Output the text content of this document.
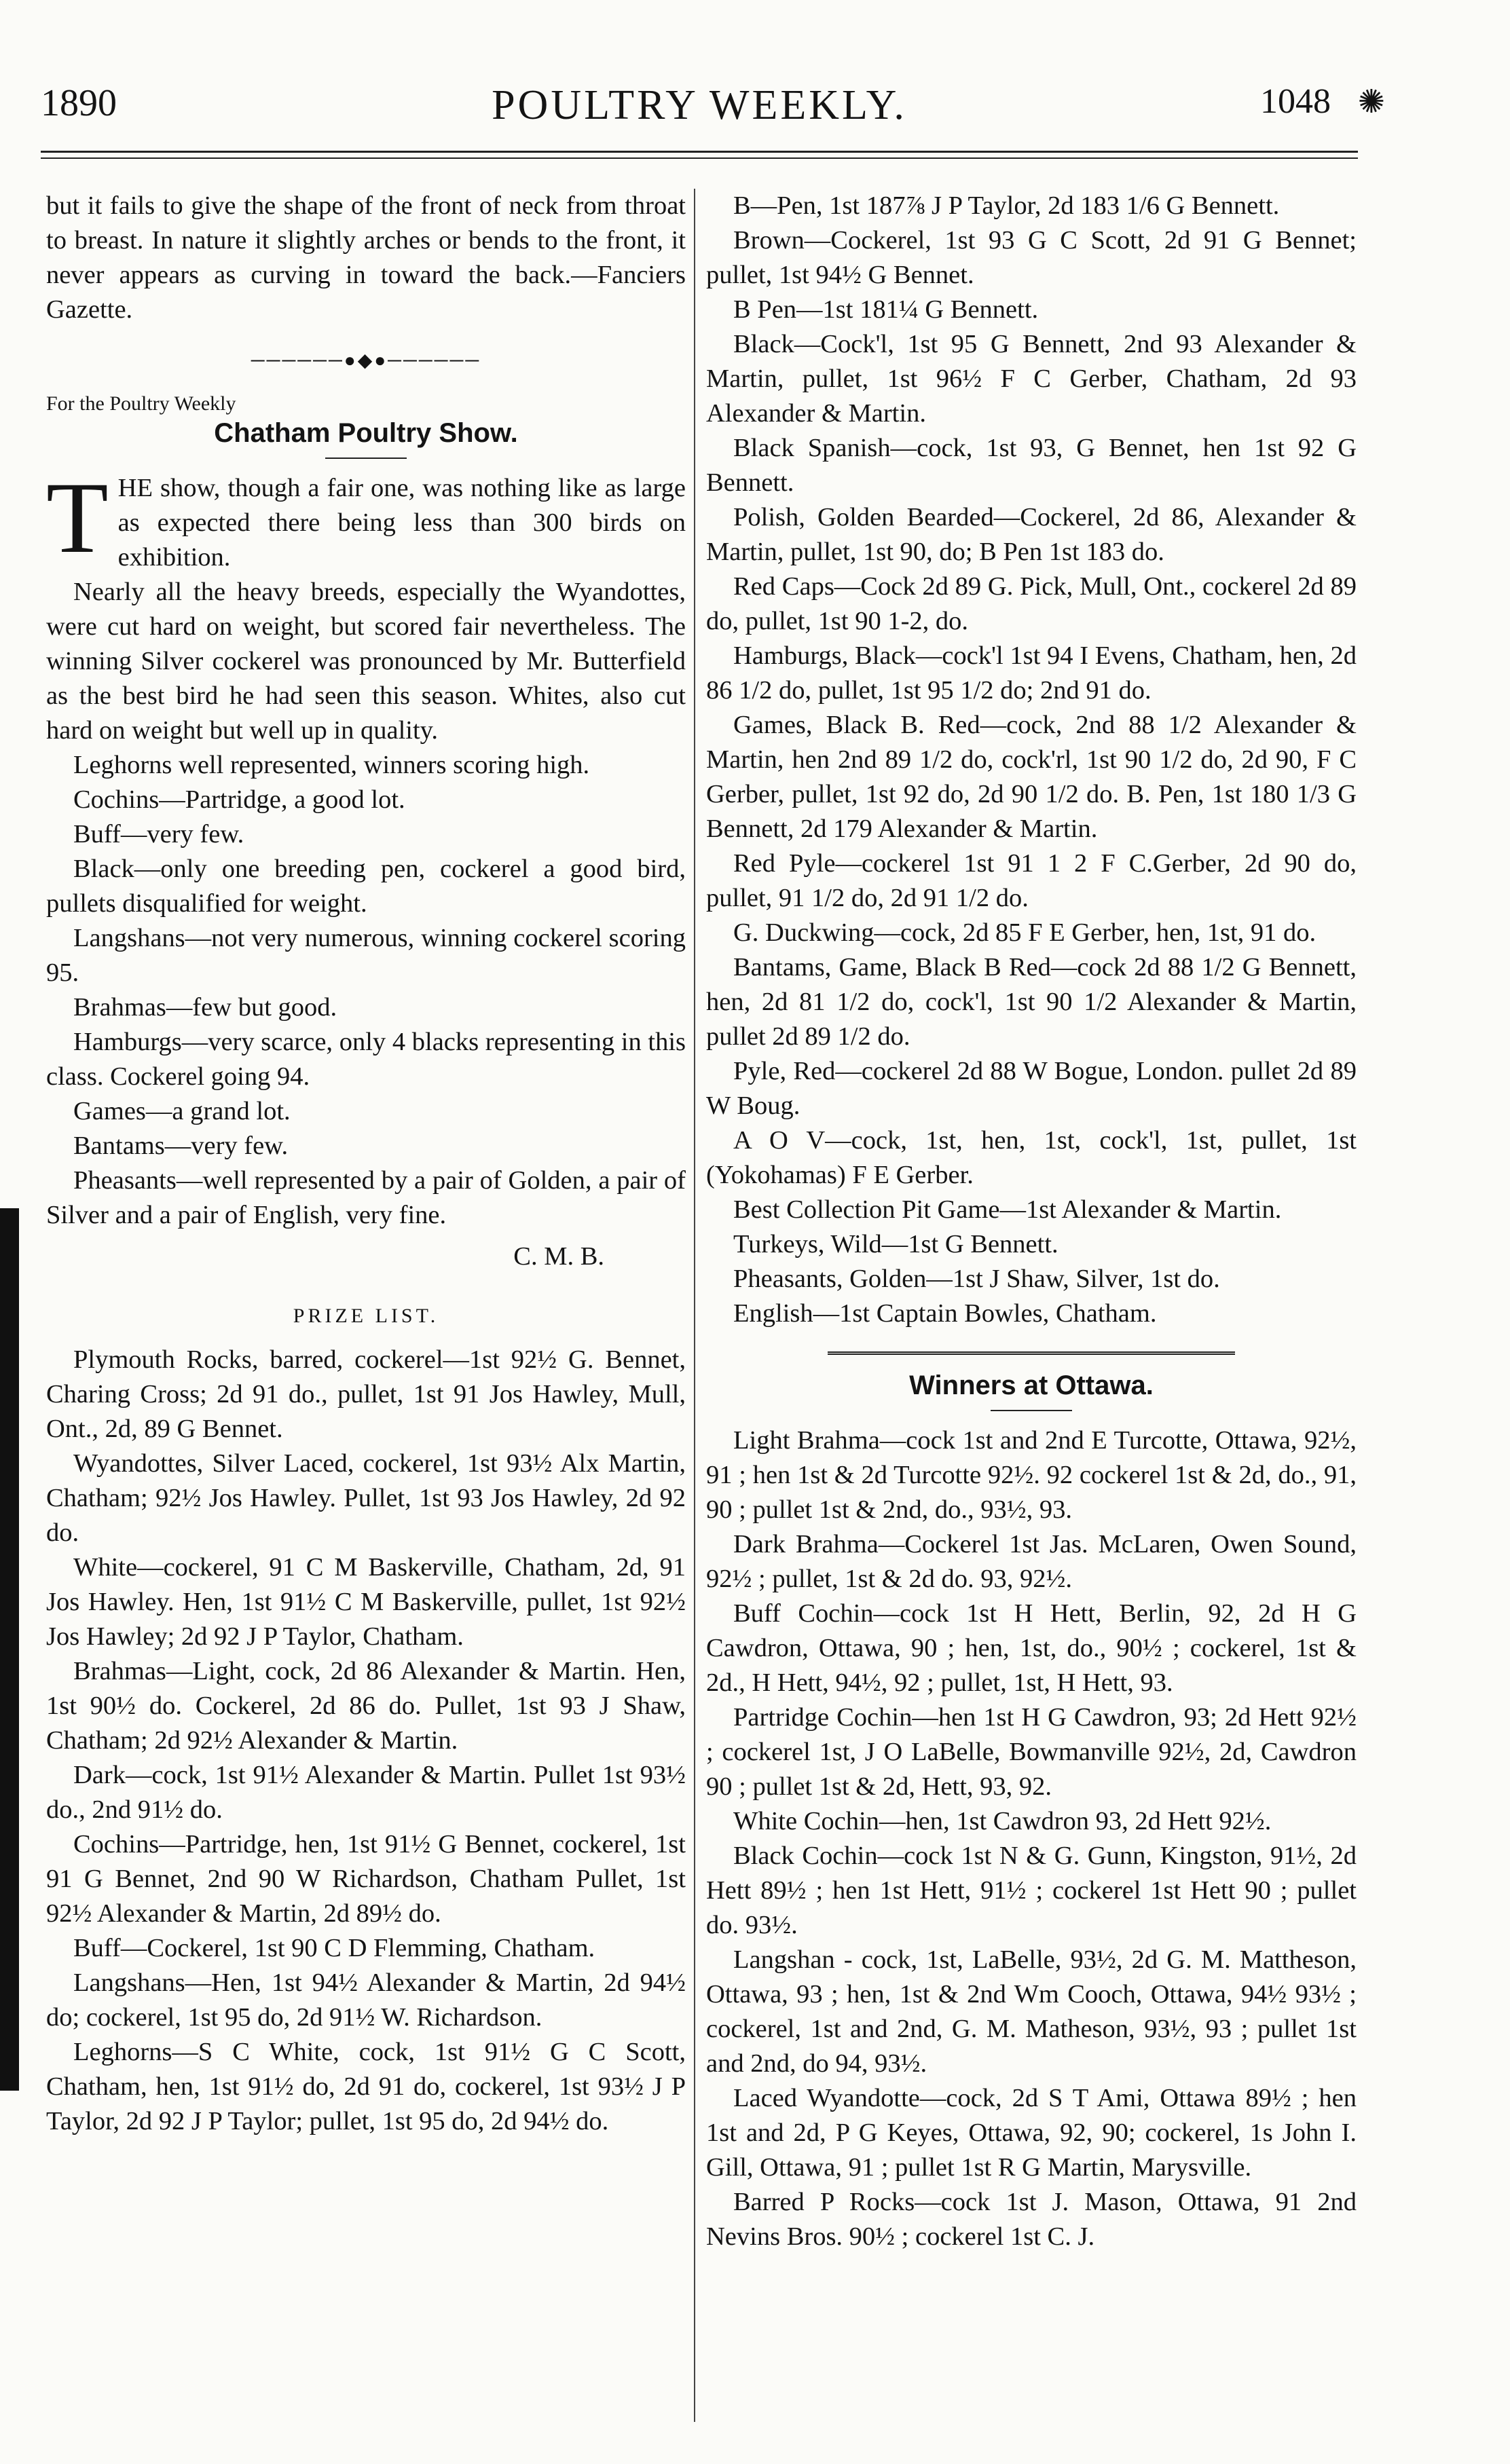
1890	POULTRY WEEKLY.	1048 ✺

but it fails to give the shape of the front of neck from throat to breast. In nature it slightly arches or bends to the front, it never appears as curving in toward the back.—Fanciers Gazette.

──────●◆●──────

For the Poultry Weekly

Chatham Poultry Show.

THE show, though a fair one, was nothing like as large as expected there being less than 300 birds on exhibition.

Nearly all the heavy breeds, especially the Wyandottes, were cut hard on weight, but scored fair nevertheless. The winning Silver cockerel was pronounced by Mr. Butterfield as the best bird he had seen this season. Whites, also cut hard on weight but well up in quality.

Leghorns well represented, winners scoring high.

Cochins—Partridge, a good lot.

Buff—very few.

Black—only one breeding pen, cockerel a good bird, pullets disqualified for weight.

Langshans—not very numerous, winning cockerel scoring 95.

Brahmas—few but good.

Hamburgs—very scarce, only 4 blacks representing in this class. Cockerel going 94.

Games—a grand lot.

Bantams—very few.

Pheasants—well represented by a pair of Golden, a pair of Silver and a pair of English, very fine.

C. M. B.

PRIZE LIST.

Plymouth Rocks, barred, cockerel—1st 92½ G. Bennet, Charing Cross; 2d 91 do., pullet, 1st 91 Jos Hawley, Mull, Ont., 2d, 89 G Bennet.

Wyandottes, Silver Laced, cockerel, 1st 93½ Alx Martin, Chatham; 92½ Jos Hawley. Pullet, 1st 93 Jos Hawley, 2d 92 do.

White—cockerel, 91 C M Baskerville, Chatham, 2d, 91 Jos Hawley. Hen, 1st 91½ C M Baskerville, pullet, 1st 92½ Jos Hawley; 2d 92 J P Taylor, Chatham.

Brahmas—Light, cock, 2d 86 Alexander & Martin. Hen, 1st 90½ do. Cockerel, 2d 86 do. Pullet, 1st 93 J Shaw, Chatham; 2d 92½ Alexander & Martin.

Dark—cock, 1st 91½ Alexander & Martin. Pullet 1st 93½ do., 2nd 91½ do.

Cochins—Partridge, hen, 1st 91½ G Bennet, cockerel, 1st 91 G Bennet, 2nd 90 W Richardson, Chatham Pullet, 1st 92½ Alexander & Martin, 2d 89½ do.

Buff—Cockerel, 1st 90 C D Flemming, Chatham.

Langshans—Hen, 1st 94½ Alexander & Martin, 2d 94½ do; cockerel, 1st 95 do, 2d 91½ W. Richardson.

Leghorns—S C White, cock, 1st 91½ G C Scott, Chatham, hen, 1st 91½ do, 2d 91 do, cockerel, 1st 93½ J P Taylor, 2d 92 J P Taylor; pullet, 1st 95 do, 2d 94½ do.

B—Pen, 1st 187⅞ J P Taylor, 2d 183 1/6 G Bennett.

Brown—Cockerel, 1st 93 G C Scott, 2d 91 G Bennet; pullet, 1st 94½ G Bennet.

B Pen—1st 181¼ G Bennett.

Black—Cock'l, 1st 95 G Bennett, 2nd 93 Alexander & Martin, pullet, 1st 96½ F C Gerber, Chatham, 2d 93 Alexander & Martin.

Black Spanish—cock, 1st 93, G Bennet, hen 1st 92 G Bennett.

Polish, Golden Bearded—Cockerel, 2d 86, Alexander & Martin, pullet, 1st 90, do; B Pen 1st 183 do.

Red Caps—Cock 2d 89 G. Pick, Mull, Ont., cockerel 2d 89 do, pullet, 1st 90 1-2, do.

Hamburgs, Black—cock'l 1st 94 I Evens, Chatham, hen, 2d 86 1/2 do, pullet, 1st 95 1/2 do; 2nd 91 do.

Games, Black B. Red—cock, 2nd 88 1/2 Alexander & Martin, hen 2nd 89 1/2 do, cock'rl, 1st 90 1/2 do, 2d 90, F C Gerber, pullet, 1st 92 do, 2d 90 1/2 do. B. Pen, 1st 180 1/3 G Bennett, 2d 179 Alexander & Martin.

Red Pyle—cockerel 1st 91 1 2 F C.Gerber, 2d 90 do, pullet, 91 1/2 do, 2d 91 1/2 do.

G. Duckwing—cock, 2d 85 F E Gerber, hen, 1st, 91 do.

Bantams, Game, Black B Red—cock 2d 88 1/2 G Bennett, hen, 2d 81 1/2 do, cock'l, 1st 90 1/2 Alexander & Martin, pullet 2d 89 1/2 do.

Pyle, Red—cockerel 2d 88 W Bogue, London. pullet 2d 89 W Boug.

A O V—cock, 1st, hen, 1st, cock'l, 1st, pullet, 1st (Yokohamas) F E Gerber.

Best Collection Pit Game—1st Alexander & Martin.

Turkeys, Wild—1st G Bennett.

Pheasants, Golden—1st J Shaw, Silver, 1st do.

English—1st Captain Bowles, Chatham.

Winners at Ottawa.

Light Brahma—cock 1st and 2nd E Turcotte, Ottawa, 92½, 91 ; hen 1st & 2d Turcotte 92½. 92 cockerel 1st & 2d, do., 91, 90 ; pullet 1st & 2nd, do., 93½, 93.

Dark Brahma—Cockerel 1st Jas. McLaren, Owen Sound, 92½ ; pullet, 1st & 2d do. 93, 92½.

Buff Cochin—cock 1st H Hett, Berlin, 92, 2d H G Cawdron, Ottawa, 90 ; hen, 1st, do., 90½ ; cockerel, 1st & 2d., H Hett, 94½, 92 ; pullet, 1st, H Hett, 93.

Partridge Cochin—hen 1st H G Cawdron, 93; 2d Hett 92½ ; cockerel 1st, J O LaBelle, Bowmanville 92½, 2d, Cawdron 90 ; pullet 1st & 2d, Hett, 93, 92.

White Cochin—hen, 1st Cawdron 93, 2d Hett 92½.

Black Cochin—cock 1st N & G. Gunn, Kingston, 91½, 2d Hett 89½ ; hen 1st Hett, 91½ ; cockerel 1st Hett 90 ; pullet do. 93½.

Langshan - cock, 1st, LaBelle, 93½, 2d G. M. Mattheson, Ottawa, 93 ; hen, 1st & 2nd Wm Cooch, Ottawa, 94½ 93½ ; cockerel, 1st and 2nd, G. M. Matheson, 93½, 93 ; pullet 1st and 2nd, do 94, 93½.

Laced Wyandotte—cock, 2d S T Ami, Ottawa 89½ ; hen 1st and 2d, P G Keyes, Ottawa, 92, 90; cockerel, 1s John I. Gill, Ottawa, 91 ; pullet 1st R G Martin, Marysville.

Barred P Rocks—cock 1st J. Mason, Ottawa, 91 2nd Nevins Bros. 90½ ; cockerel 1st C. J.
